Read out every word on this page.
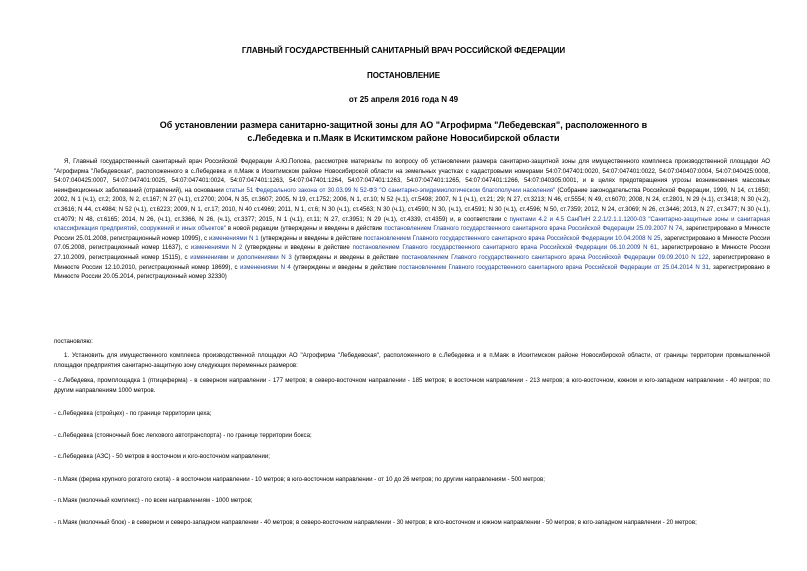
ГЛАВНЫЙ ГОСУДАРСТВЕННЫЙ САНИТАРНЫЙ ВРАЧ РОССИЙСКОЙ ФЕДЕРАЦИИ
ПОСТАНОВЛЕНИЕ
от 25 апреля 2016 года N 49
Об установлении размера санитарно-защитной зоны для АО "Агрофирма "Лебедевская", расположенного в с.Лебедевка и п.Маяк в Искитимском районе Новосибирской области

Я, Главный государственный санитарный врач Российской Федерации А.Ю.Попова, рассмотрев материалы по вопросу об установлении размера санитарно-защитной зоны для имущественного комплекса производственной площадки АО "Агрофирма "Лебедевская", расположенного в с.Лебедевка и п.Маяк в Искитимском районе Новосибирской области на земельных участках с кадастровыми номерами 54:07:047401:0020, 54:07:047401:0022, 54:07:040407:0004, 54:07:040425:0008, 54:07:040425:0007, 54:07:047401:0025, 54:07:047401:0024, 54:07:047401:1263, 54:07:047401:1264, 54:07:047401:1263, 54:07:047401:1265, 54:07:047401:1266, 54:07:040305:0001, и в целях предотвращения угрозы возникновения массовых неинфекционных заболеваний (отравлений), на основании статьи 51 Федерального закона от 30.03.99 N 52-ФЗ "О санитарно-эпидемиологическом благополучии населения" (Собрание законодательства Российской Федерации, 1999, N 14, ст.1650; 2002, N 1 (ч.1), ст.2; 2003, N 2, ст.167; N 27 (ч.1), ст.2700; 2004, N 35, ст.3607; 2005, N 19, ст.1752; 2006, N 1, ст.10; N 52 (ч.1), ст.5498; 2007, N 1 (ч.1), ст.21; 29; N 27, ст.3213; N 46, ст.5554; N 49, ст.6070; 2008, N 24, ст.2801, N 29 (ч.1), ст.3418; N 30 (ч.2), ст.3616; N 44, ст.4984; N 52 (ч.1), ст.6223; 2009, N 1, ст.17; 2010, N 40 ст.4969; 2011, N 1, ст.6; N 30 (ч.1), ст.4563; N 30 (ч.1), ст.4590; N 30, (ч.1), ст.4591; N 30 (ч.1), ст.4596; N 50, ст.7359; 2012, N 24, ст.3069; N 26, ст.3446; 2013, N 27, ст.3477; N 30 (ч.1), ст.4079; N 48, ст.6165; 2014, N 26, (ч.1), ст.3366, N 26, (ч.1), ст.3377; 2015, N 1 (ч.1), ст.11; N 27, ст.3951; N 29 (ч.1), ст.4339, ст.4359) и, в соответствии с пунктами 4.2 и 4.5 СанПиН 2.2.1/2.1.1.1200-03 "Санитарно-защитные зоны и санитарная классификация предприятий, сооружений и иных объектов" в новой редакции (утверждены и введены в действие постановлением Главного государственного санитарного врача Российской Федерации 25.09.2007 N 74, зарегистрировано в Минюсте России 25.01.2008, регистрационный номер 10995), с изменениями N 1 (утверждены и введены в действие постановлением Главного государственного санитарного врача Российской Федерации 10.04.2008 N 25, зарегистрировано в Минюсте России 07.05.2008, регистрационный номер 11637), с изменениями N 2 (утверждены и введены в действие постановлением Главного государственного санитарного врача Российской Федерации 06.10.2009 N 61, зарегистрировано в Минюсте России 27.10.2009, регистрационный номер 15115), с изменениями и дополнениями N 3 (утверждены и введены в действие постановлением Главного государственного санитарного врача Российской Федерации 09.09.2010 N 122, зарегистрировано в Минюсте России 12.10.2010, регистрационный номер 18699), с изменениями N 4 (утверждены и введены в действие постановлением Главного государственного санитарного врача Российской Федерации от 25.04.2014 N 31, зарегистрировано в Минюсте России 20.05.2014, регистрационный номер 32330)

постановляю:
1. Установить для имущественного комплекса производственной площадки АО "Агрофирма "Лебедевская", расположенного в с.Лебедевка и в п.Маяк в Искитимском районе Новосибирской области, от границы территории промышленной площадки предприятия санитарно-защитную зону следующих переменных размеров:
- с.Лебедевка, промплощадка 1 (птицеферма) - в северном направлении - 177 метров; в северо-восточном направлении - 185 метров; в восточном направлении - 213 метров; в юго-восточном, южном и юго-западном направлении - 40 метров; по другим направлениям 1000 метров.
- с.Лебедевка (стройцех) - по границе территории цеха;
- с.Лебедевка (стояночный бокс легкового автотранспорта) - по границе территории бокса;
- с.Лебедевка (АЗС) - 50 метров в восточном и юго-восточном направлении;
- п.Маяк (ферма крупного рогатого скота) - в восточном направлении - 10 метров; в юго-восточном направлении - от 10 до 26 метров; по другим направлениям - 500 метров;
- п.Маяк (молочный комплекс) - по всем направлениям - 1000 метров;
- п.Маяк (молочный блок) - в северном и северо-западном направлении - 40 метров; в северо-восточном направлении - 30 метров; в юго-восточном и южном направлении - 50 метров; в юго-западном направлении - 20 метров;
